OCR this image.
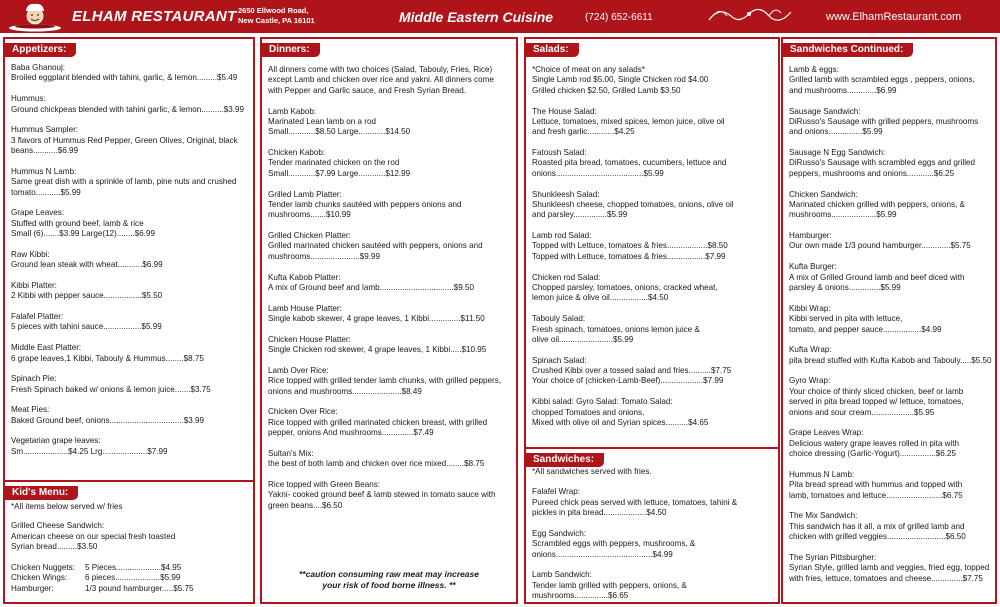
ELHAM RESTAURANT 2650 Ellwood Road,
New Castle, PA 16101	Middle Eastern Cuisine	(724) 652-6611	www.ElhamRestaurant.com
Appetizers:
Baba Ghanouj:
Broiled eggplant blended with tahini, garlic, & lemon.........$5.49
Hummus:
Ground chickpeas blended with tahini garlic, & lemon..........$3.99
Hummus Sampler:
3 flavors of Hummus Red Pepper, Green Olives, Original, black
beans...........$6.99
Hummus N Lamb:
Same great dish with a sprinkle of lamb, pine nuts and crushed
tomato...........$5.99
Grape Leaves:
Stuffed with ground beef, lamb & rice
Small (6).......$3.99 Large(12)........$6.99
Raw Kibbi:
Ground lean steak with wheat...........$6.99
Kibbi Platter:
2 Kibbi with pepper sauce.................$5.50
Falafel Platter:
5 pieces with tahini sauce.................$5.99
Middle East Platter:
6 grape leaves,1 Kibbi, Tabouly & Hummus........$8.75
Spinach Pie:
Fresh Spinach baked w/ onions & lemon juice.......$3.75
Meat Pies:
Baked Ground beef, onions.................................$3.99
Vegetarian grape leaves:
Sm....................$4.25 Lrg....................$7.99
Kid's Menu:
*All items below served w/ fries
Grilled Cheese Sandwich:
American cheese on our special fresh toasted
Syrian bread.........$3.50
Chicken Nuggets:	5 Pieces....................$4.95
Chicken Wings:	6 pieces....................$5.99
Hamburger:	1/3 pound hamburger.....$5.75
Dinners:
All dinners come with two choices (Salad, Tabouly, Fries, Rice)
except Lamb and chicken over rice and yakni. All dinners come
with Pepper and Garlic sauce, and Fresh Syrian Bread.
Lamb Kabob:
Marinated Lean lamb on a rod
Small............$8.50 Large............$14.50
Chicken Kabob:
Tender marinated chicken on the rod
Small............$7.99 Large............$12.99
Grilled Lamb Platter:
Tender lamb chunks sautéed with peppers onions and
mushrooms.......$10.99
Grilled Chicken Platter:
Grilled marinated chicken sautéed with peppers, onions and
mushrooms......................$9.99
Kufta Kabob Platter:
A mix of Ground beef and lamb.................................$9.50
Lamb House Platter:
Single kabob skewer, 4 grape leaves, 1 Kibbi..............$11.50
Chicken House Platter:
Single Chicken rod skewer, 4 grape leaves, 1 Kibbi.....$10.95
Lamb Over Rice:
Rice topped with grilled tender lamb chunks, with grilled peppers,
onions and mushrooms......................$8.49
Chicken Over Rice:
Rice topped with grilled marinated chicken breast, with grilled
pepper, onions And mushrooms..............$7.49
Sultan's Mix:
the best of both lamb and chicken over rice mixed........$8.75
Rice topped with Green Beans:
Yakni- cooked ground beef & lamb stewed in tomato sauce with
green beans....$6.50
**caution consuming raw meat may increase
your risk of food borne illness. **
Salads:
*Choice of meat on any salads*
Single Lamb rod $5.00, Single Chicken rod $4.00
Grilled chicken $2.50, Grilled Lamb $3.50
The House Salad:
Lettuce, tomatoes, mixed spices, lemon juice, olive oil
and fresh garlic............$4.25
Fatoush Salad:
Roasted pita bread, tomatoes, cucumbers, lettuce and
onions.......................................$5.99
Shunkleesh Salad:
Shunkleesh cheese, chopped tomatoes, onions, olive oil
and parsley...............$5.99
Lamb rod Salad:
Topped with Lettuce, tomatoes & fries..................$8.50
Topped with Lettuce, tomatoes & fries.................$7.99
Chicken rod Salad:
Chopped parsley, tomatoes, onions, cracked wheat,
lemon juice & olive oil.................$4.50
Tabouly Salad:
Fresh spinach, tomatoes, onions lemon juice &
olive oil........................$5.99
Spinach Salad:
Crushed Kibbi over a tossed salad and fries..........$7.75
Your choice of (chicken-Lamb-Beef)...................$7.99
Kibbi salad: Gyro Salad: Tomato Salad:
chopped Tomatoes and onions,
Mixed with olive oil and Syrian spices..........$4.65
Sandwiches:
*All sandwiches served with fries.
Falafel Wrap:
Pureed chick peas served with lettuce, tomatoes, tahini &
pickles in pita bread...................$4.50
Egg Sandwich:
Scrambled eggs with peppers, mushrooms, &
onions...........................................$4.99
Lamb Sandwich:
Tender lamb grilled with peppers, onions, &
mushrooms...............$6.65
Sandwiches Continued:
Lamb & eggs:
Grilled lamb with scrambled eggs , peppers, onions,
and mushrooms.............$6.99
Sausage Sandwich:
DiRusso's Sausage with grilled peppers, mushrooms
and onions...............$5.99
Sausage N Egg Sandwich:
DiRusso's Sausage with scrambled eggs and grilled
peppers, mushrooms and onions............$6.25
Chicken Sandwich:
Marinated chicken grilled with peppers, onions, &
mushrooms....................$5.99
Hamburger:
Our own made 1/3 pound hamburger.............$5.75
Kufta Burger:
A mix of Grilled Ground lamb and beef diced with
parsley & onions..............$5.99
Kibbi Wrap:
Kibbi served in pita with lettuce,
tomato, and pepper sauce.................$4.99
Kufta Wrap:
pita bread stuffed with Kufta Kabob and Tabouly.....$5.50
Gyro Wrap:
Your choice of thinly sliced chicken, beef or lamb
served in pita bread topped w/ lettuce, tomatoes,
onions and sour cream...................$5.95
Grape Leaves Wrap:
Delicious watery grape leaves rolled in pita with
choice dressing (Garlic-Yogurt)................$6.25
Hummus N Lamb:
Pita bread spread with hummus and topped with
lamb, tomatoes and lettuce.........................$6.75
The Mix Sandwich:
This sandwich has it all, a mix of grilled lamb and
chicken with grilled veggies..........................$6.50
The Syrian Pittsburgher:
Syrian Style, grilled lamb and veggies, fried egg, topped
with fries, lettuce, tomatoes and cheese..............$7.75
